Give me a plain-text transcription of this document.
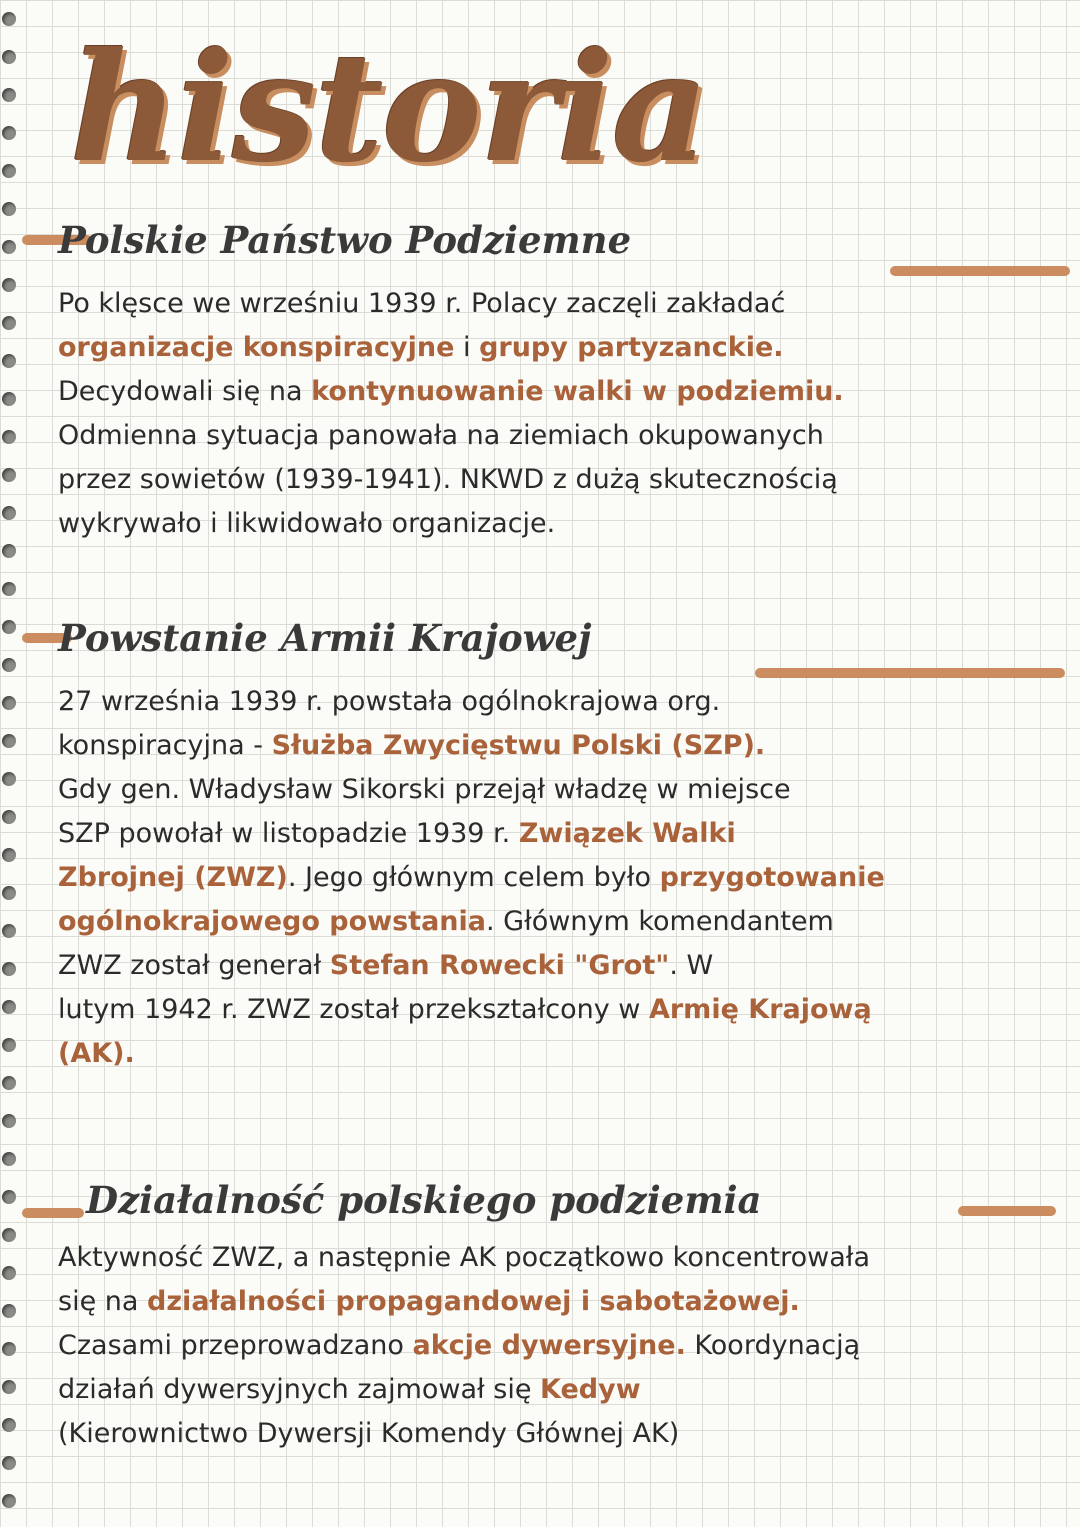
historia
Polskie Państwo Podziemne
Po klęsce we wrześniu 1939 r. Polacy zaczęli zakładać
organizacje konspiracyjne i grupy partyzanckie.
Decydowali się na kontynuowanie walki w podziemiu.
Odmienna sytuacja panowała na ziemiach okupowanych
przez sowietów (1939-1941). NKWD z dużą skutecznością
wykrywało i likwidowało organizacje.
Powstanie Armii Krajowej
27 września 1939 r. powstała ogólnokrajowa org.
konspiracyjna - Służba Zwycięstwu Polski (SZP).
Gdy gen. Władysław Sikorski przejął władzę w miejsce
SZP powołał w listopadzie 1939 r. Związek Walki
Zbrojnej (ZWZ). Jego głównym celem było przygotowanie
ogólnokrajowego powstania. Głównym komendantem
ZWZ został generał Stefan Rowecki "Grot". W
lutym 1942 r. ZWZ został przekształcony w Armię Krajową
(AK).
Działalność polskiego podziemia
Aktywność ZWZ, a następnie AK początkowo koncentrowała
się na działalności propagandowej i sabotażowej.
Czasami przeprowadzano akcje dywersyjne. Koordynacją
działań dywersyjnych zajmował się Kedyw
(Kierownictwo Dywersji Komendy Głównej AK)
